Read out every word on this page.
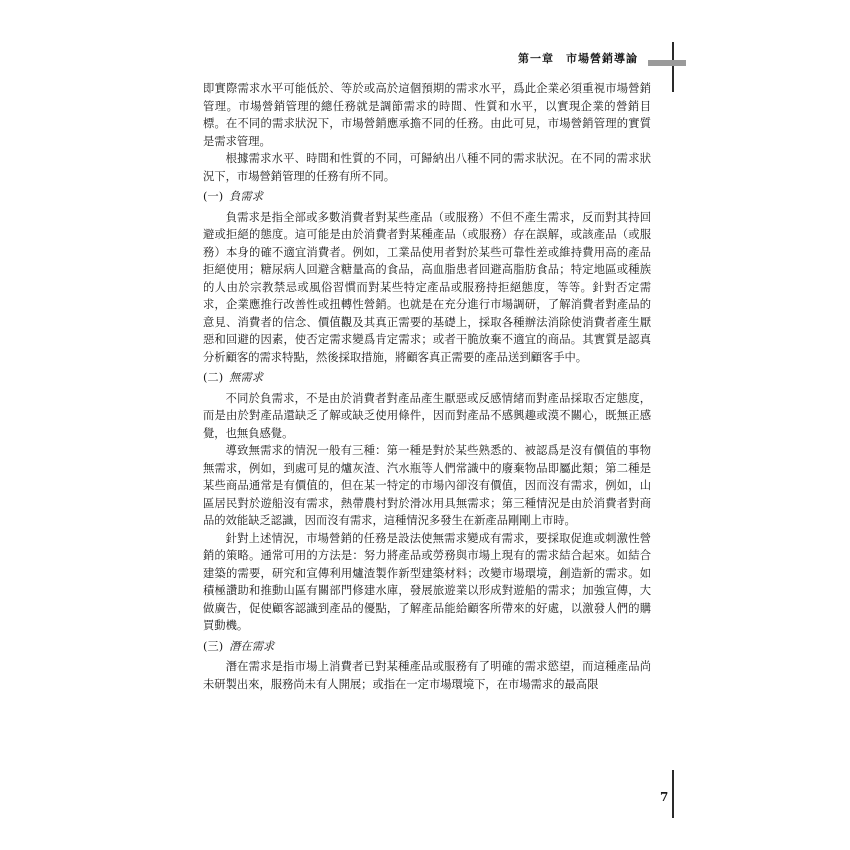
第一章　市場營銷導論

即實際需求水平可能低於、等於或高於這個預期的需求水平，爲此企業必須重視市場營銷管理。市場營銷管理的總任務就是調節需求的時間、性質和水平，以實現企業的營銷目標。在不同的需求狀況下，市場營銷應承擔不同的任務。由此可見，市場營銷管理的實質是需求管理。

根據需求水平、時間和性質的不同，可歸納出八種不同的需求狀況。在不同的需求狀況下，市場營銷管理的任務有所不同。

(一) 負需求

負需求是指全部或多數消費者對某些產品（或服務）不但不產生需求，反而對其持回避或拒絕的態度。這可能是由於消費者對某種產品（或服務）存在誤解，或該產品（或服務）本身的確不適宜消費者。例如，工業品使用者對於某些可靠性差或維持費用高的產品拒絕使用；糖尿病人回避含糖量高的食品，高血脂患者回避高脂肪食品；特定地區或種族的人由於宗教禁忌或風俗習慣而對某些特定產品或服務持拒絕態度，等等。針對否定需求，企業應推行改善性或扭轉性營銷。也就是在充分進行市場調研，了解消費者對產品的意見、消費者的信念、價值觀及其真正需要的基礎上，採取各種辦法消除使消費者產生厭惡和回避的因素，使否定需求變爲肯定需求；或者干脆放棄不適宜的商品。其實質是認真分析顧客的需求特點，然後採取措施，將顧客真正需要的產品送到顧客手中。

(二) 無需求

不同於負需求，不是由於消費者對產品產生厭惡或反感情緒而對產品採取否定態度，而是由於對產品還缺乏了解或缺乏使用條件，因而對產品不感興趣或漠不關心，既無正感覺，也無負感覺。

導致無需求的情況一般有三種：第一種是對於某些熟悉的、被認爲是沒有價值的事物無需求，例如，到處可見的爐灰渣、汽水瓶等人們常識中的廢棄物品即屬此類；第二種是某些商品通常是有價值的，但在某一特定的市場內卻沒有價值，因而沒有需求，例如，山區居民對於遊船沒有需求，熱帶農村對於滑冰用具無需求；第三種情況是由於消費者對商品的效能缺乏認識，因而沒有需求，這種情況多發生在新產品剛剛上市時。

針對上述情況，市場營銷的任務是設法使無需求變成有需求，要採取促進或刺激性營銷的策略。通常可用的方法是：努力將產品或勞務與市場上現有的需求結合起來。如結合建築的需要，研究和宣傳利用爐渣製作新型建築材料；改變市場環境，創造新的需求。如積極讚助和推動山區有關部門修建水庫，發展旅遊業以形成對遊船的需求；加強宣傳，大做廣告，促使顧客認識到產品的優點，了解產品能給顧客所帶來的好處，以激發人們的購買動機。

(三) 潛在需求

潛在需求是指市場上消費者已對某種產品或服務有了明確的需求慾望，而這種產品尚未研製出來，服務尚未有人開展；或指在一定市場環境下，在市場需求的最高限

7
